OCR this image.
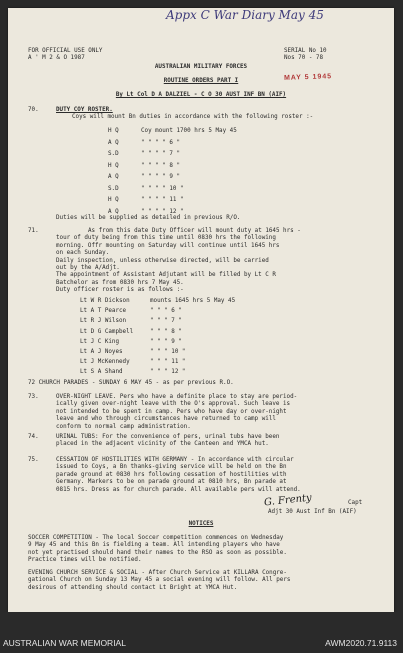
Appx C War Diary May 45
FOR OFFICIAL USE ONLY
A ' M 2 & O 1987
SERIAL No 10
Nos 70 - 78
MAY 5 1945
AUSTRALIAN MILITARY FORCES
ROUTINE ORDERS PART I
By Lt Col D A DALZIEL - C O 30 AUST INF BN (AIF)
70.	DUTY COY ROSTER.
Coys will mount Bn duties in accordance with the following roster :-
H Q	Coy mount 1700 hrs 5 May 45
A Q	" " " " 6 "
S.D	" " " " 7 "
H Q	" " " " 8 "
A Q	" " " " 9 "
S.D	" " " " 10 "
H Q	" " " " 11 "
A Q	" " " " 12 "
Duties will be supplied as detailed in previous R/O.
71.	As from this date Duty Officer will mount duty at 1645 hrs -
tour of duty being from this time until 0830 hrs the following
morning. Offr mounting on Saturday will continue until 1645 hrs
on each Sunday.
Daily inspection, unless otherwise directed, will be carried
out by the A/Adjt.
The appointment of Assistant Adjutant will be filled by Lt C R
Batchelor as from 0830 hrs 7 May 45.
Duty officer roster is as follows :-
Lt W R Dickson	mounts 1645 hrs 5 May 45
Lt A T Pearce	" " " 6 "
Lt R J Wilson	" " " 7 "
Lt D G Campbell	" " " 8 "
Lt J C King	" " " 9 "
Lt A J Noyes	" " " 10 "
Lt J McKennedy	" " " 11 "
Lt S A Shand	" " " 12 "
72 CHURCH PARADES - SUNDAY 6 MAY 45 - as per previous R.O.
73.	OVER-NIGHT LEAVE. Pers who have a definite place to stay are period-
ically given over-night leave with the O's approval. Such leave is
not intended to be spent in camp. Pers who have day or over-night
leave and who through circumstances have returned to camp will
conform to normal camp administration.
74.	URINAL TUBS: For the convenience of pers, urinal tubs have been
placed in the adjacent vicinity of the Canteen and YMCA hut.
75.	CESSATION OF HOSTILITIES WITH GERMANY - In accordance with circular
issued to Coys, a Bn thanks-giving service will be held on the Bn
parade ground at 0830 hrs following cessation of hostilities with
Germany. Markers to be on parade ground at 0810 hrs, Bn parade at
0815 hrs. Dress as for church parade. All available pers will attend.
G. Frenty	Capt
Adjt 30 Aust Inf Bn (AIF)
NOTICES
SOCCER COMPETITION - The local Soccer competition commences on Wednesday
9 May 45 and this Bn is fielding a team. All intending players who have
not yet practised should hand their names to the RSO as soon as possible.
Practice times will be notified.
EVENING CHURCH SERVICE & SOCIAL - After Church Service at KILLARA Congre-
gational Church on Sunday 13 May 45 a social evening will follow. All pers
desirous of attending should contact Lt Bright at YMCA Hut.
AUSTRALIAN WAR MEMORIAL	AWM2020.71.9113
